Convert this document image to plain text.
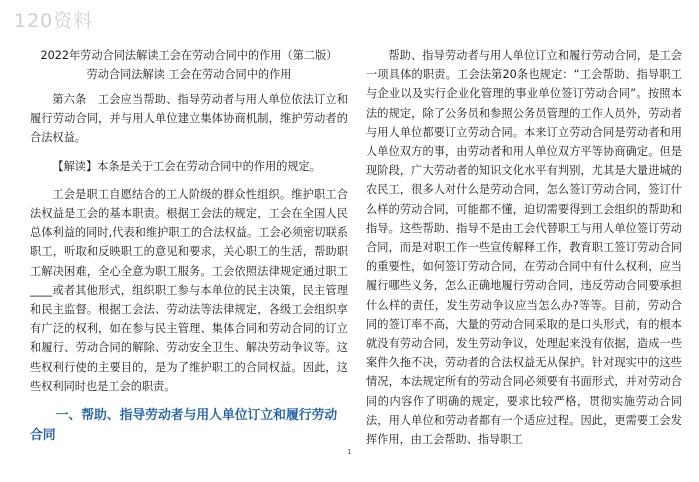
120资料
2022年劳动合同法解读工会在劳动合同中的作用（第二版）
劳动合同法解读 工会在劳动合同中的作用

第六条　工会应当帮助、指导劳动者与用人单位依法订立和履行劳动合同，并与用人单位建立集体协商机制，维护劳动者的合法权益。

【解读】本条是关于工会在劳动合同中的作用的规定。

工会是职工自愿结合的工人阶级的群众性组织。维护职工合法权益是工会的基本职责。根据工会法的规定，工会在全国人民总体利益的同时,代表和维护职工的合法权益。工会必须密切联系职工，听取和反映职工的意见和要求，关心职工的生活，帮助职工解决困难，全心全意为职工服务。工会依照法律规定通过职工____或者其他形式，组织职工参与本单位的民主决策，民主管理和民主监督。根据工会法、劳动法等法律规定，各级工会组织享有广泛的权利，如在参与民主管理、集体合同和劳动合同的订立和履行、劳动合同的解除、劳动安全卫生、解决劳动争议等。这些权利行使的主要目的，是为了维护职工的合同权益。因此，这些权利同时也是工会的职责。

一、帮助、指导劳动者与用人单位订立和履行劳动合同

帮助、指导劳动者与用人单位订立和履行劳动合同，是工会一项具体的职责。工会法第20条也规定：“工会帮助、指导职工与企业以及实行企业化管理的事业单位签订劳动合同”。按照本法的规定，除了公务员和参照公务员管理的工作人员外，劳动者与用人单位都要订立劳动合同。本来订立劳动合同是劳动者和用人单位双方的事，由劳动者和用人单位双方平等协商确定。但是现阶段，广大劳动者的知识文化水平有判别，尤其是大量进城的农民工，很多人对什么是劳动合同，怎么签订劳动合同，签订什么样的劳动合同，可能都不懂，迫切需要得到工会组织的帮助和指导。这些帮助、指导不是由工会代替职工与用人单位签订劳动合同，而是对职工作一些宣传解释工作，教育职工签订劳动合同的重要性，如何签订劳动合同，在劳动合同中有什么权利，应当履行哪些义务，怎么正确地履行劳动合同，违反劳动合同要承担什么样的责任，发生劳动争议应当怎么办?等等。目前，劳动合同的签订率不高，大量的劳动合同采取的是口头形式，有的根本就没有劳动合同，发生劳动争议，处理起来没有依据，造成一些案件久拖不决，劳动者的合法权益无从保护。针对现实中的这些情况，本法规定所有的劳动合同必须要有书面形式，并对劳动合同的内容作了明确的规定，要求比较严格，贯彻实施劳动合同法，用人单位和劳动者都有一个适应过程。因此，更需要工会发挥作用，由工会帮助、指导职工

1
